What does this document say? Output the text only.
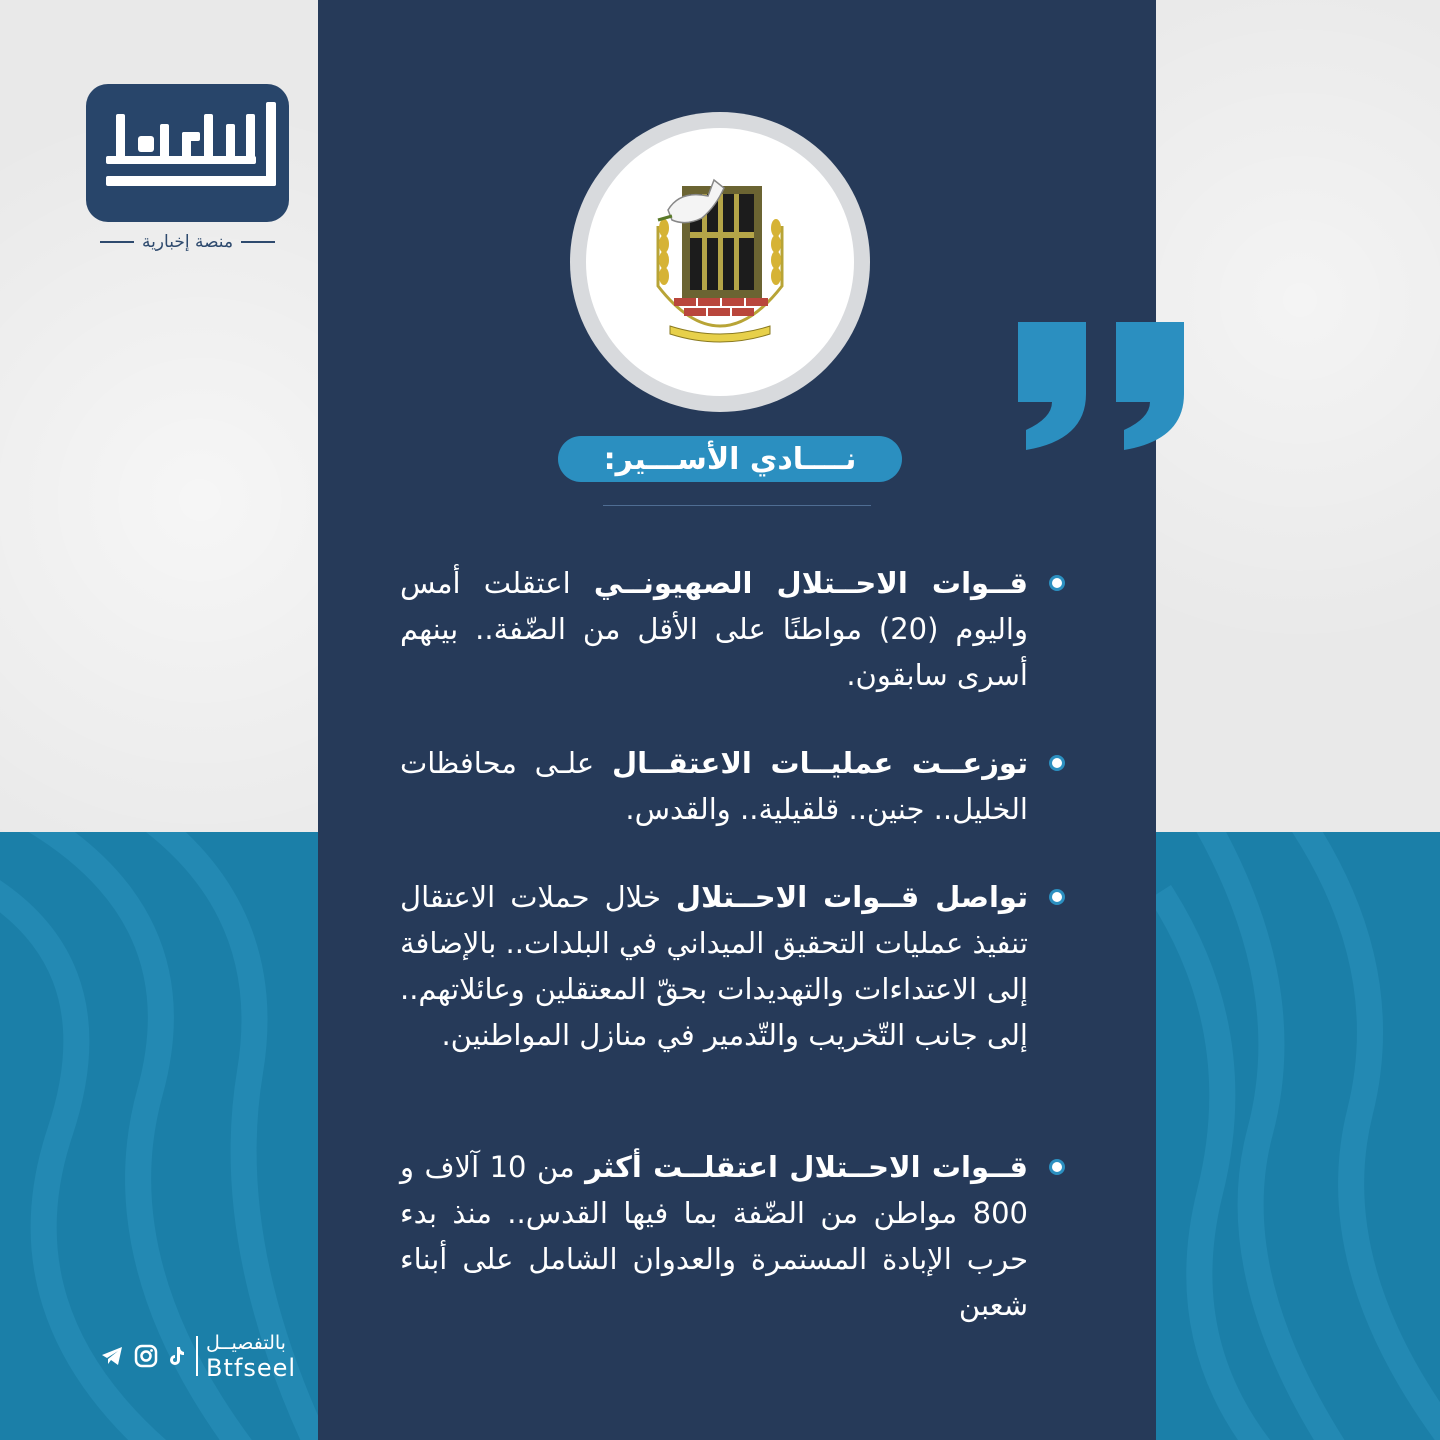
منصة إخبارية
نــــادي الأســـير:
قــوات الاحــتلال الصهيونــي اعتقلت أمس واليوم (20) مواطنًا على الأقل من الضّفة.. بينهم أسرى سابقون.
توزعــت عمليــات الاعتقــال علـى محافظات الخليل.. جنين.. قلقيلية.. والقدس.
تواصل قــوات الاحــتلال خلال حملات الاعتقال تنفيذ عمليات التحقيق الميداني في البلدات.. بالإضافة إلى الاعتداءات والتهديدات بحقّ المعتقلين وعائلاتهم.. إلى جانب التّخريب والتّدمير في منازل المواطنين.
قــوات الاحــتلال اعتقلــت أكثر من 10 آلاف و 800 مواطن من الضّفة بما فيها القدس.. منذ بدء حرب الإبادة المستمرة والعدوان الشامل على أبناء شعبن
بالتفصيــل
Btfseel
